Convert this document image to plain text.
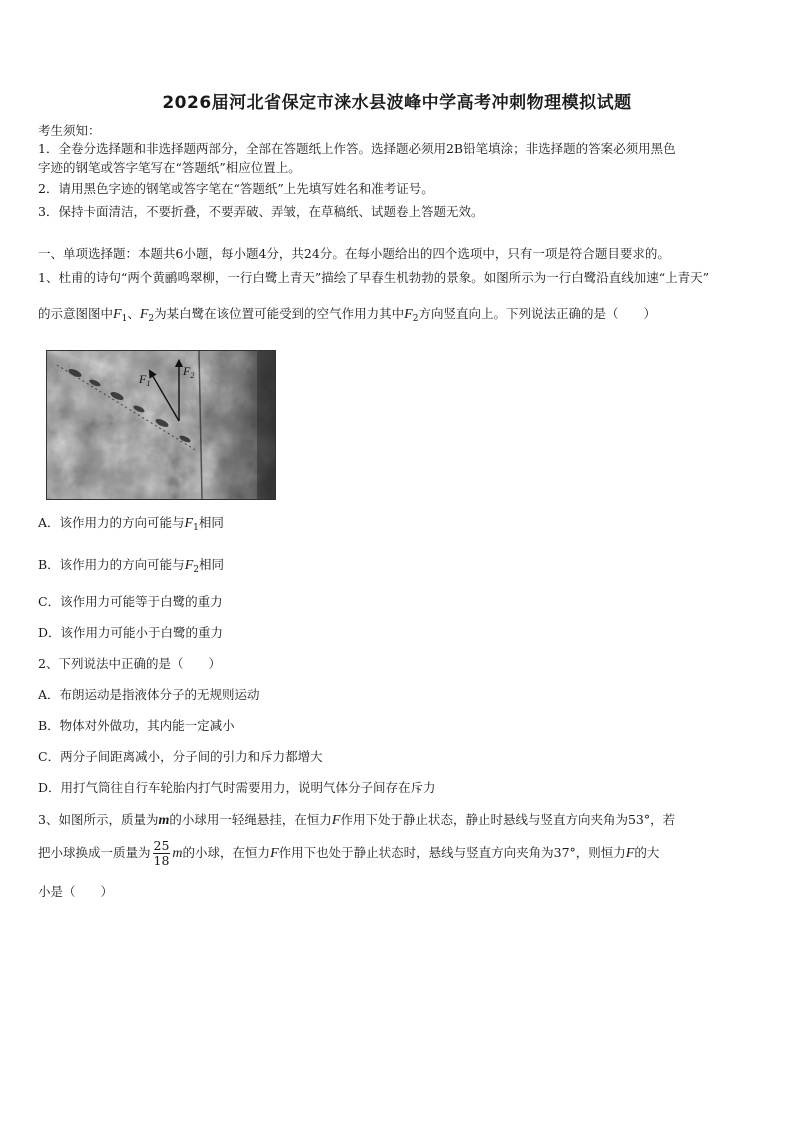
2026届河北省保定市涞水县波峰中学高考冲刺物理模拟试题
考生须知：
1．全卷分选择题和非选择题两部分，全部在答题纸上作答。选择题必须用2B铅笔填涂；非选择题的答案必须用黑色
字迹的钢笔或答字笔写在“答题纸”相应位置上。
2．请用黑色字迹的钢笔或答字笔在“答题纸”上先填写姓名和准考证号。
3．保持卡面清洁，不要折叠，不要弄破、弄皱，在草稿纸、试题卷上答题无效。
一、单项选择题：本题共6小题，每小题4分，共24分。在每小题给出的四个选项中，只有一项是符合题目要求的。
1、杜甫的诗句“两个黄鹂鸣翠柳，一行白鹭上青天”描绘了早春生机勃勃的景象。如图所示为一行白鹭沿直线加速“上青天”
的示意图图中$F_1$、$F_2$为某白鹭在该位置可能受到的空气作用力其中$F_2$方向竖直向上。下列说法正确的是（　　）
$F_1$
$F_2$
A．该作用力的方向可能与$F_1$相同
B．该作用力的方向可能与$F_2$相同
C．该作用力可能等于白鹭的重力
D．该作用力可能小于白鹭的重力
2、下列说法中正确的是（　　）
A．布朗运动是指液体分子的无规则运动
B．物体对外做功，其内能一定减小
C．两分子间距离减小，分子间的引力和斥力都增大
D．用打气筒往自行车轮胎内打气时需要用力，说明气体分子间存在斥力
3、如图所示，质量为m的小球用一轻绳悬挂，在恒力F作用下处于静止状态，静止时悬线与竖直方向夹角为53°，若
把小球换成一质量为 $\frac{25}{18}$ m的小球，在恒力F作用下也处于静止状态时，悬线与竖直方向夹角为37°，则恒力F的大
小是（　　）
